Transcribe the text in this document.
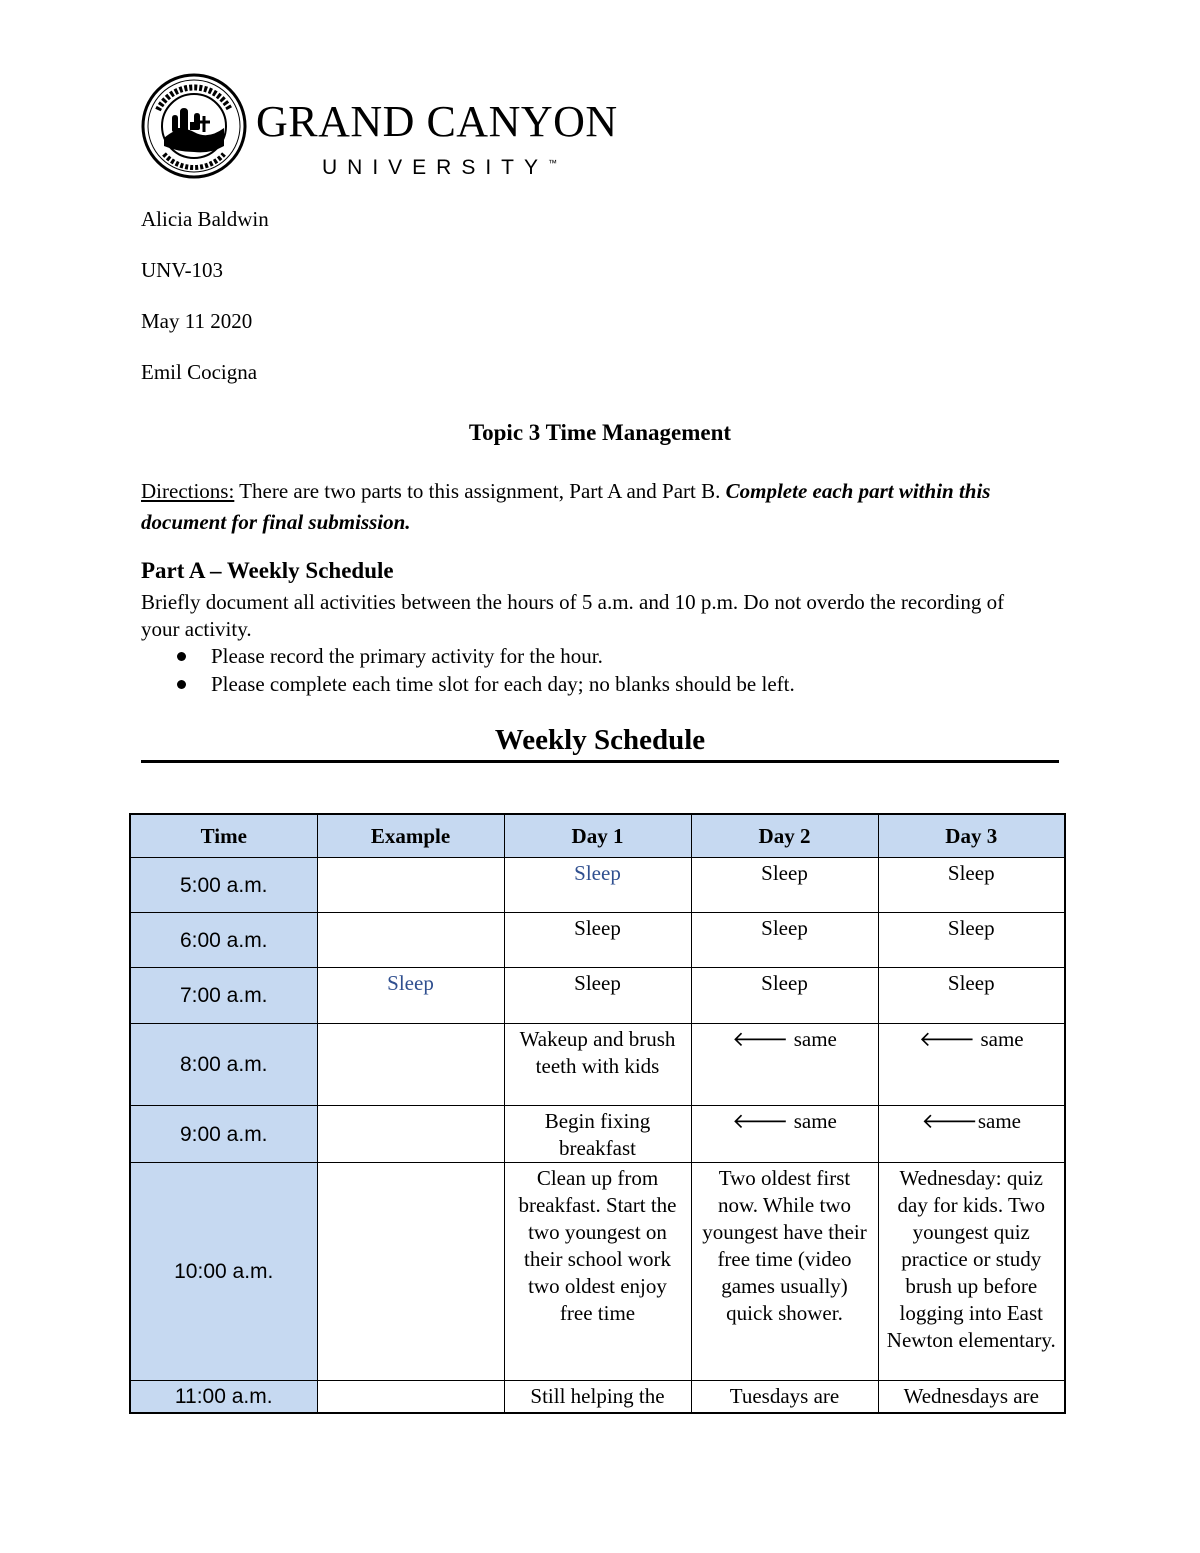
GRAND CANYON
UNIVERSITY™
Alicia Baldwin
UNV-103
May 11 2020
Emil Cocigna
Topic 3 Time Management
Directions: There are two parts to this assignment, Part A and Part B. Complete each part within this document for final submission.
Part A – Weekly Schedule
Briefly document all activities between the hours of 5 a.m. and 10 p.m. Do not overdo the recording of your activity.
Please record the primary activity for the hour.
Please complete each time slot for each day; no blanks should be left.
Weekly Schedule
Time	Example	Day 1	Day 2	Day 3
5:00 a.m.		Sleep	Sleep	Sleep

6:00 a.m.		Sleep	Sleep	Sleep

7:00 a.m.	Sleep	Sleep	Sleep	Sleep

8:00 a.m.		Wakeup and brush teeth with kids	🡐 same	🡐 same

9:00 a.m.		Begin fixing breakfast	🡐 same	🡐same

10:00 a.m.		Clean up from breakfast. Start the two youngest on their school work two oldest enjoy free time	Two oldest first now. While two youngest have their free time (video games usually) quick shower.	Wednesday: quiz day for kids. Two youngest quiz practice or study brush up before logging into East Newton elementary.

11:00 a.m.		Still helping the	Tuesdays are	Wednesdays are
